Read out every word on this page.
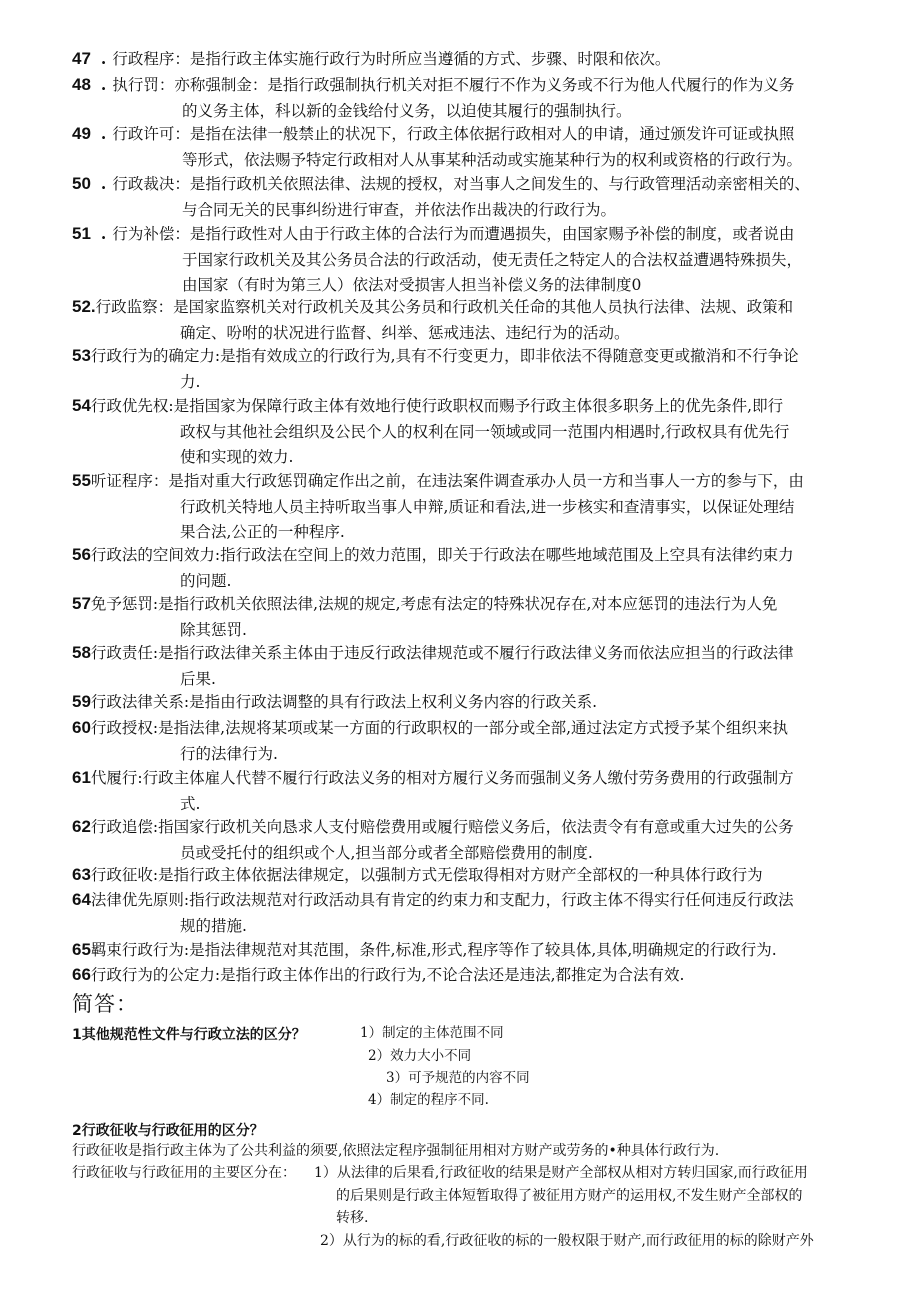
47 . 行政程序：是指行政主体实施行政行为时所应当遵循的方式、步骤、时限和依次。
48 . 执行罚：亦称强制金：是指行政强制执行机关对拒不履行不作为义务或不行为他人代履行的作为义务
的义务主体，科以新的金钱给付义务，以迫使其履行的强制执行。
49 . 行政许可：是指在法律一般禁止的状况下，行政主体依据行政相对人的申请，通过颁发许可证或执照
等形式，依法赐予特定行政相对人从事某种活动或实施某种行为的权利或资格的行政行为。
50 . 行政裁决：是指行政机关依照法律、法规的授权，对当事人之间发生的、与行政管理活动亲密相关的、
与合同无关的民事纠纷进行审查，并依法作出裁决的行政行为。
51 . 行为补偿：是指行政性对人由于行政主体的合法行为而遭遇损失，由国家赐予补偿的制度，或者说由
于国家行政机关及其公务员合法的行政活动，使无责任之特定人的合法权益遭遇特殊损失，
由国家（有时为第三人）依法对受损害人担当补偿义务的法律制度0
52.行政监察：是国家监察机关对行政机关及其公务员和行政机关任命的其他人员执行法律、法规、政策和
确定、吩咐的状况进行监督、纠举、惩戒违法、违纪行为的活动。
53行政行为的确定力:是指有效成立的行政行为,具有不行变更力，即非依法不得随意变更或撤消和不行争论
力.
54行政优先权:是指国家为保障行政主体有效地行使行政职权而赐予行政主体很多职务上的优先条件,即行
政权与其他社会组织及公民个人的权利在同一领域或同一范围内相遇时,行政权具有优先行
使和实现的效力.
55听证程序：是指对重大行政惩罚确定作出之前，在违法案件调查承办人员一方和当事人一方的参与下，由
行政机关特地人员主持听取当事人申辩,质证和看法,进一步核实和查清事实，以保证处理结
果合法,公正的一种程序.
56行政法的空间效力:指行政法在空间上的效力范围，即关于行政法在哪些地域范围及上空具有法律约束力
的问题.
57免予惩罚:是指行政机关依照法律,法规的规定,考虑有法定的特殊状况存在,对本应惩罚的违法行为人免
除其惩罚.
58行政责任:是指行政法律关系主体由于违反行政法律规范或不履行行政法律义务而依法应担当的行政法律
后果.
59行政法律关系:是指由行政法调整的具有行政法上权利义务内容的行政关系.
60行政授权:是指法律,法规将某项或某一方面的行政职权的一部分或全部,通过法定方式授予某个组织来执
行的法律行为.
61代履行:行政主体雇人代替不履行行政法义务的相对方履行义务而强制义务人缴付劳务费用的行政强制方
式.
62行政追偿:指国家行政机关向恳求人支付赔偿费用或履行赔偿义务后，依法责令有有意或重大过失的公务
员或受托付的组织或个人,担当部分或者全部赔偿费用的制度.
63行政征收:是指行政主体依据法律规定，以强制方式无偿取得相对方财产全部权的一种具体行政行为
64法律优先原则:指行政法规范对行政活动具有肯定的约束力和支配力，行政主体不得实行任何违反行政法
规的措施.
65羁束行政行为:是指法律规范对其范围，条件,标准,形式,程序等作了较具体,具体,明确规定的行政行为.
66行政行为的公定力:是指行政主体作出的行政行为,不论合法还是违法,都推定为合法有效.
简答：
1其他规范性文件与行政立法的区分？	1）制定的主体范围不同
2）效力大小不同
3）可予规范的内容不同
4）制定的程序不同.
2行政征收与行政征用的区分？
行政征收是指行政主体为了公共利益的须要,依照法定程序强制征用相对方财产或劳务的•种具体行政行为.
行政征收与行政征用的主要区分在： 1）从法律的后果看,行政征收的结果是财产全部权从相对方转归国家,而行政征用
的后果则是行政主体短暂取得了被征用方财产的运用权,不发生财产全部权的
转移.
2）从行为的标的看,行政征收的标的一般权限于财产,而行政征用的标的除财产外
